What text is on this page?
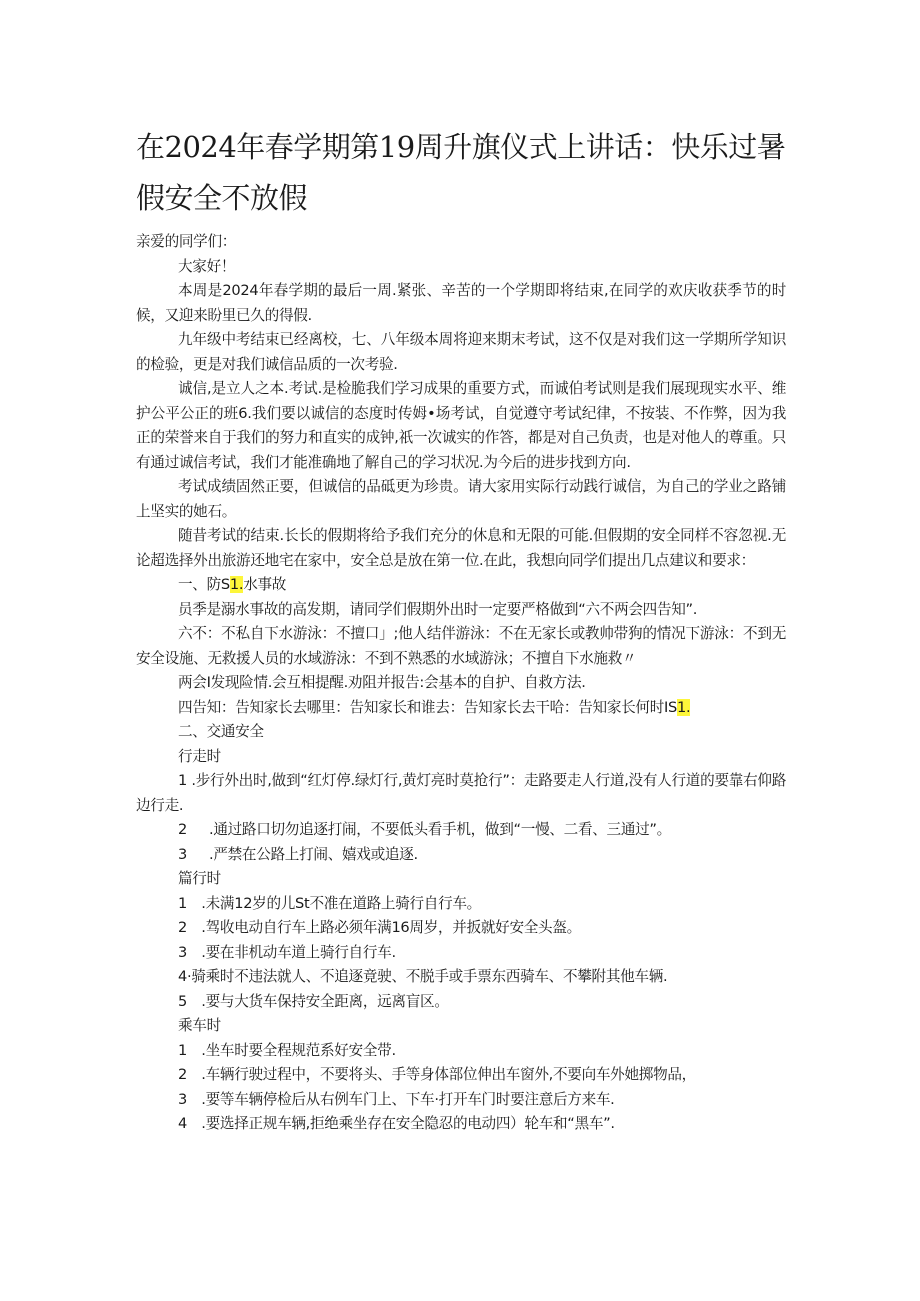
在2024年春学期第19周升旗仪式上讲话：快乐过暑假安全不放假

亲爱的同学们：

大家好！

本周是2024年春学期的最后一周.紧张、辛苦的一个学期即将结束,在同学的欢庆收获季节的时候，又迎来盼里已久的得假.

九年级中考结束已经离校，七、八年级本周将迎来期末考试，这不仅是对我们这一学期所学知识的检验，更是对我们诚信品质的一次考验.

诚信,是立人之本.考试.是检脆我们学习成果的重要方式，而诚伯考试则是我们展现现实水平、维护公平公正的班6.我们要以诚信的态度时传姆•场考试，自觉遵守考试纪律，不按装、不作弊，因为我正的荣誉来自于我们的努力和直实的成钟,祇一次诚实的作答，都是对自己负责，也是对他人的尊重。只有通过诚信考试，我们才能准确地了解自己的学习状况.为今后的进步找到方向.

考试成绩固然正要，但诚信的品砥更为珍贵。请大家用实际行动践行诚信，为自己的学业之路铺上坚实的她石。

随昔考试的结束.长长的假期将给予我们充分的休息和无限的可能.但假期的安全同样不容忽视.无论超选择外出旅游还地宅在家中，安全总是放在第一位.在此，我想向同学们提出几点建议和要求：

一、防S1.水事故

员季是溺水事故的高发期，请同学们假期外出时一定要严格做到“六不两会四告知”.

六不：不私自下水游泳：不擅口」;他人结伴游泳：不在无家长或教帅带狗的情况下游泳：不到无安全设施、无救援人员的水域游泳：不到不熟悉的水域游泳；不擅自下水施救〃

两会I发现险情.会互相提醒.劝阻并报告:会基本的自护、自救方法.

四告知：告知家长去哪里：告知家长和谁去：告知家长去干哈：告知家长何时IS1.

二、交通安全

行走时

1 .步行外出时,做到“红灯停.绿灯行,黄灯亮时莫抢行”：走路要走人行道,没有人行道的要靠右仰路边行走.

2 .通过路口切勿追逐打闹，不要低头看手机，做到“一慢、二看、三通过”。

3 .严禁在公路上打闹、嬉戏或追逐.

篇行时

1　.未满12岁的儿St不准在道路上骑行自行车。

2　.驾收电动自行车上路必须年满16周岁，并扳就好安全头盔。

3　.要在非机动车道上骑行自行车.

4·骑乘时不违法就人、不追逐竟驶、不脱手或手票东西骑车、不攀附其他车辆.

5　.要与大货车保持安全距离，远离盲区。

乘车时

1　.坐车时要全程规范系好安全带.

2　.车辆行驶过程中，不要将头、手等身体部位伸出车窗外,不要向车外她掷物品，

3　.要等车辆停检后从右例车门上、下车·打开车门时要注意后方来车.

4　.要选择正规车辆,拒绝乘坐存在安全隐忍的电动四）轮车和“黑车”.
